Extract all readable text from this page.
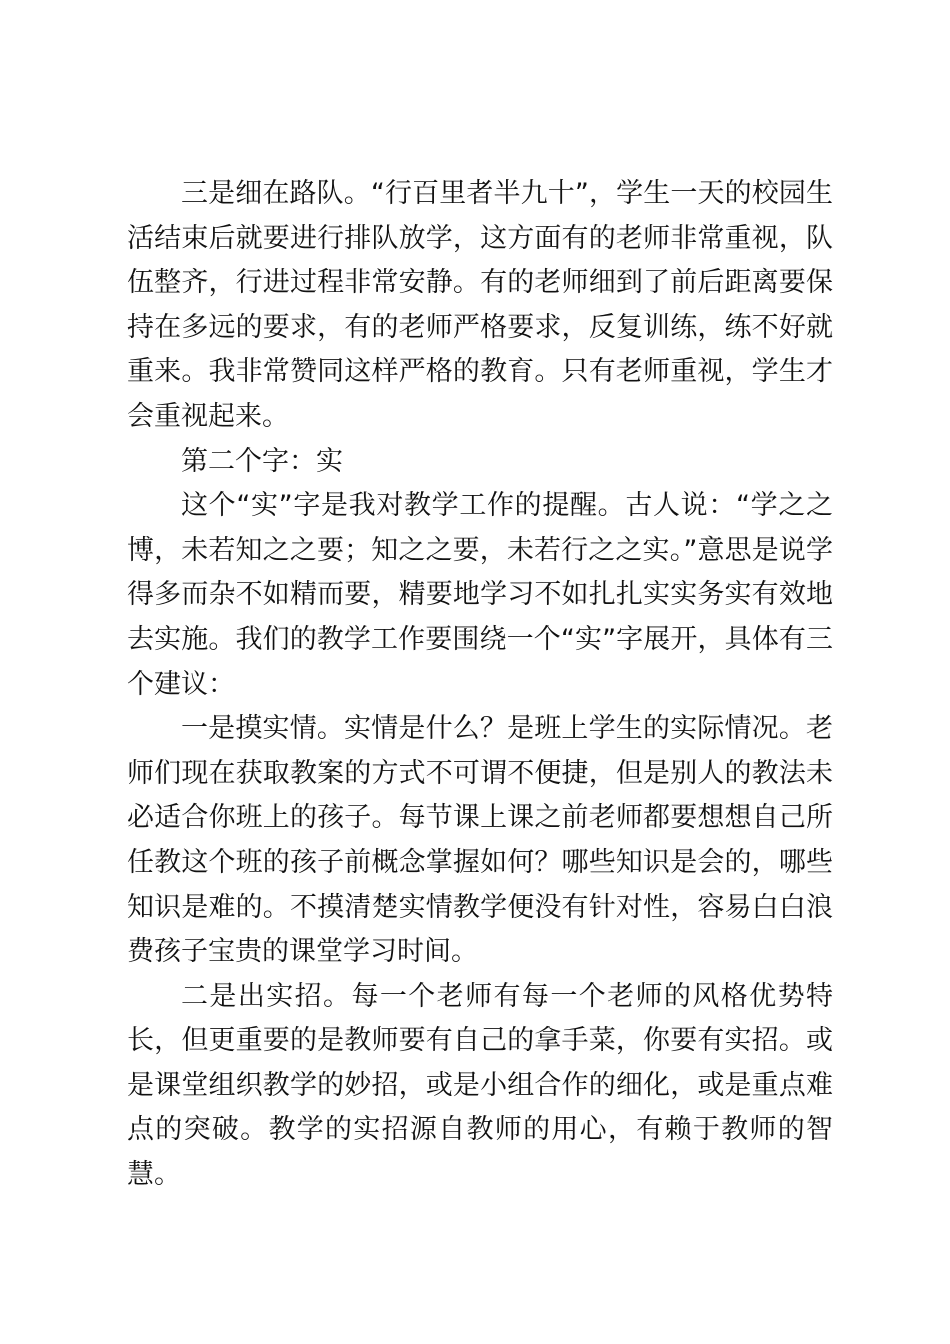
三是细在路队。“行百里者半九十”，学生一天的校园生活结束后就要进行排队放学，这方面有的老师非常重视，队伍整齐，行进过程非常安静。有的老师细到了前后距离要保持在多远的要求，有的老师严格要求，反复训练，练不好就重来。我非常赞同这样严格的教育。只有老师重视，学生才会重视起来。

第二个字：实

这个“实”字是我对教学工作的提醒。古人说：“学之之博，未若知之之要；知之之要，未若行之之实。”意思是说学得多而杂不如精而要，精要地学习不如扎扎实实务实有效地去实施。我们的教学工作要围绕一个“实”字展开，具体有三个建议：

一是摸实情。实情是什么？是班上学生的实际情况。老师们现在获取教案的方式不可谓不便捷，但是别人的教法未必适合你班上的孩子。每节课上课之前老师都要想想自己所任教这个班的孩子前概念掌握如何？哪些知识是会的，哪些知识是难的。不摸清楚实情教学便没有针对性，容易白白浪费孩子宝贵的课堂学习时间。

二是出实招。每一个老师有每一个老师的风格优势特长，但更重要的是教师要有自己的拿手菜，你要有实招。或是课堂组织教学的妙招，或是小组合作的细化，或是重点难点的突破。教学的实招源自教师的用心，有赖于教师的智慧。
